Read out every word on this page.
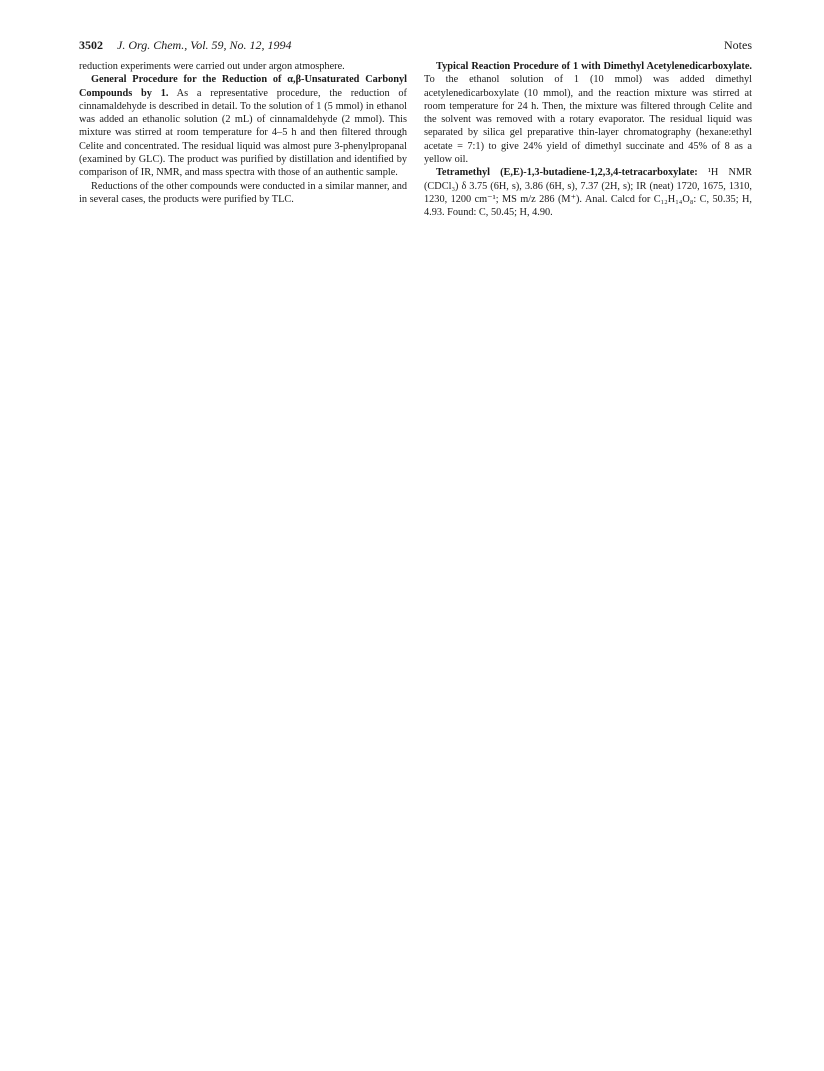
3502 J. Org. Chem., Vol. 59, No. 12, 1994	Notes

reduction experiments were carried out under argon atmosphere.

General Procedure for the Reduction of α,β-Unsaturated Carbonyl Compounds by 1. As a representative procedure, the reduction of cinnamaldehyde is described in detail. To the solution of 1 (5 mmol) in ethanol was added an ethanolic solution (2 mL) of cinnamaldehyde (2 mmol). This mixture was stirred at room temperature for 4–5 h and then filtered through Celite and concentrated. The residual liquid was almost pure 3-phenylpropanal (examined by GLC). The product was purified by distillation and identified by comparison of IR, NMR, and mass spectra with those of an authentic sample.

Reductions of the other compounds were conducted in a similar manner, and in several cases, the products were purified by TLC.

Typical Reaction Procedure of 1 with Dimethyl Acetylenedicarboxylate. To the ethanol solution of 1 (10 mmol) was added dimethyl acetylenedicarboxylate (10 mmol), and the reaction mixture was stirred at room temperature for 24 h. Then, the mixture was filtered through Celite and the solvent was removed with a rotary evaporator. The residual liquid was separated by silica gel preparative thin-layer chromatography (hexane:ethyl acetate = 7:1) to give 24% yield of dimethyl succinate and 45% of 8 as a yellow oil.

Tetramethyl (E,E)-1,3-butadiene-1,2,3,4-tetracarboxylate: ¹H NMR (CDCl₃) δ 3.75 (6H, s), 3.86 (6H, s), 7.37 (2H, s); IR (neat) 1720, 1675, 1310, 1230, 1200 cm⁻¹; MS m/z 286 (M⁺). Anal. Calcd for C₁₂H₁₄O₈: C, 50.35; H, 4.93. Found: C, 50.45; H, 4.90.
